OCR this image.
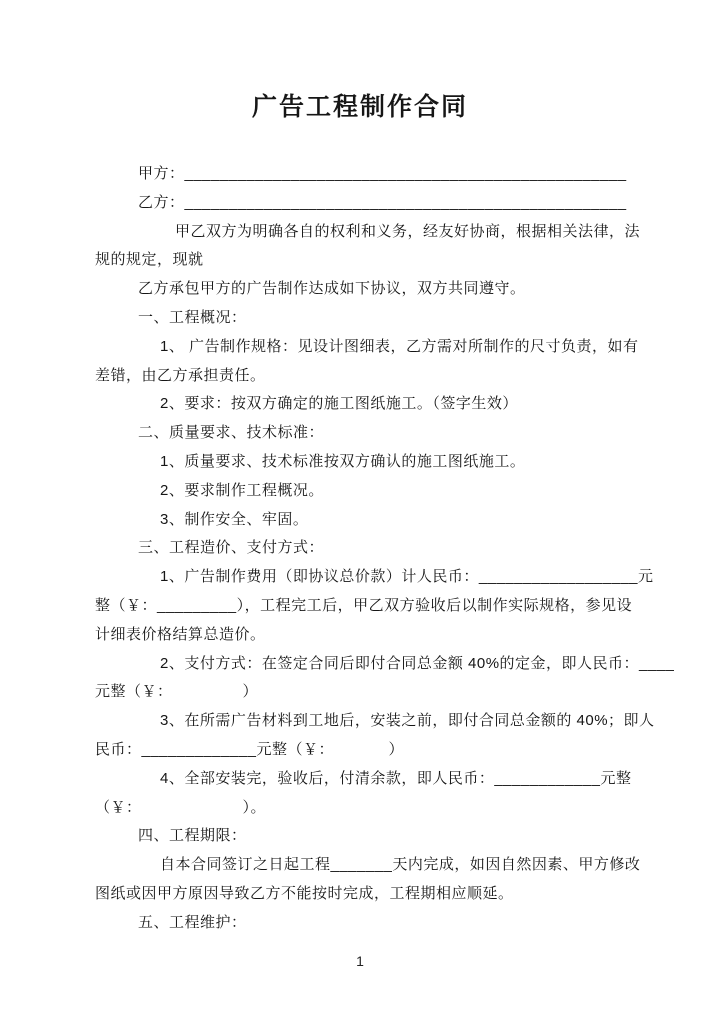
广告工程制作合同
甲方：__________________________________________________
乙方：__________________________________________________
甲乙双方为明确各自的权利和义务，经友好协商，根据相关法律，法
规的规定，现就
乙方承包甲方的广告制作达成如下协议，双方共同遵守。
一、工程概况：
1、 广告制作规格：见设计图细表，乙方需对所制作的尺寸负责，如有
差错，由乙方承担责任。
2、要求：按双方确定的施工图纸施工。（签字生效）
二、质量要求、技术标准：
1、质量要求、技术标准按双方确认的施工图纸施工。
2、要求制作工程概况。
3、制作安全、牢固。
三、工程造价、支付方式：
1、广告制作费用（即协议总价款）计人民币：__________________元
整（￥：_________），工程完工后，甲乙双方验收后以制作实际规格，参见设
计细表价格结算总造价。
2、支付方式：在签定合同后即付合同总金额 40%的定金，即人民币：____
元整（￥：　　　　　）
3、在所需广告材料到工地后，安装之前，即付合同总金额的 40%；即人
民币：_____________元整（￥：　　　　）
4、全部安装完，验收后，付清余款，即人民币：____________元整
（￥：　　　　　　　）。
四、工程期限：
自本合同签订之日起工程_______天内完成，如因自然因素、甲方修改
图纸或因甲方原因导致乙方不能按时完成，工程期相应顺延。
五、工程维护：
1
